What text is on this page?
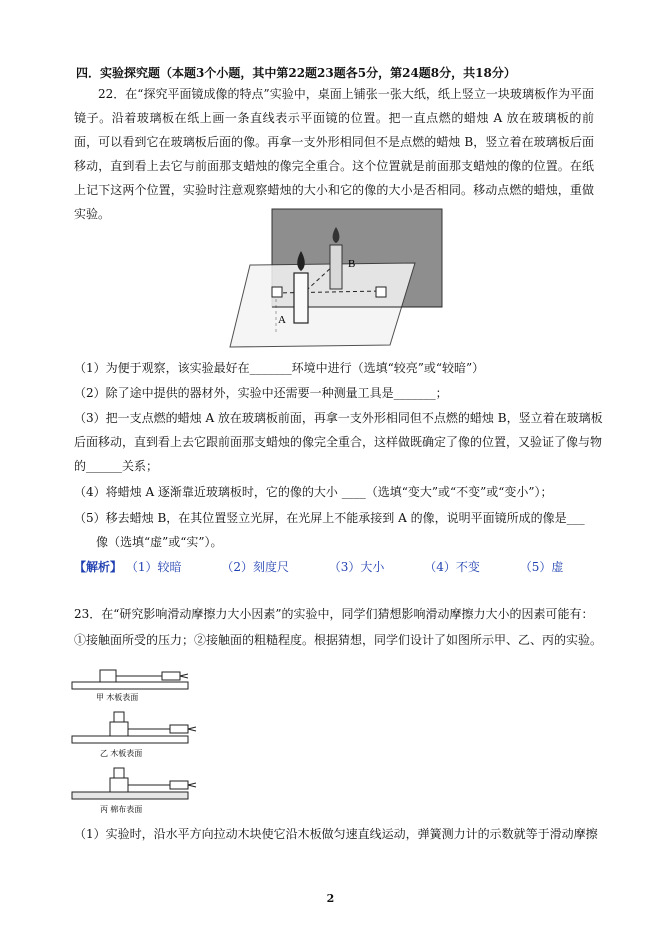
四．实验探究题（本题3个小题，其中第22题23题各5分，第24题8分，共18分）
22．在“探究平面镜成像的特点”实验中，桌面上铺张一张大纸，纸上竖立一块玻璃板作为平面镜子。沿着玻璃板在纸上画一条直线表示平面镜的位置。把一直点燃的蜡烛 A 放在玻璃板的前面，可以看到它在玻璃板后面的像。再拿一支外形相同但不是点燃的蜡烛 B，竖立着在玻璃板后面移动，直到看上去它与前面那支蜡烛的像完全重合。这个位置就是前面那支蜡烛的像的位置。在纸上记下这两个位置，实验时注意观察蜡烛的大小和它的像的大小是否相同。移动点燃的蜡烛，重做实验。
A
B
（1）为便于观察，该实验最好在_______环境中进行（选填“较亮”或“较暗”）
（2）除了途中提供的器材外，实验中还需要一种测量工具是_______；
（3）把一支点燃的蜡烛 A 放在玻璃板前面，再拿一支外形相同但不点燃的蜡烛 B，竖立着在玻璃板
后面移动，直到看上去它跟前面那支蜡烛的像完全重合，这样做既确定了像的位置，又验证了像与物
的______关系；
（4）将蜡烛 A 逐渐靠近玻璃板时，它的像的大小 ____（选填“变大”或“不变”或“变小”）；
（5）移去蜡烛 B，在其位置竖立光屏，在光屏上不能承接到 A 的像，说明平面镜所成的像是___
像（选填“虚”或“实”）。
【解析】 （1）较暗	（2）刻度尺	（3）大小	（4）不变	（5）虚
23．在“研究影响滑动摩擦力大小因素”的实验中，同学们猜想影响滑动摩擦力大小的因素可能有：
①接触面所受的压力；②接触面的粗糙程度。根据猜想，同学们设计了如图所示甲、乙、丙的实验。
甲 木板表面
乙 木板表面
丙 棉布表面
（1）实验时，沿水平方向拉动木块使它沿木板做匀速直线运动，弹簧测力计的示数就等于滑动摩擦
2
